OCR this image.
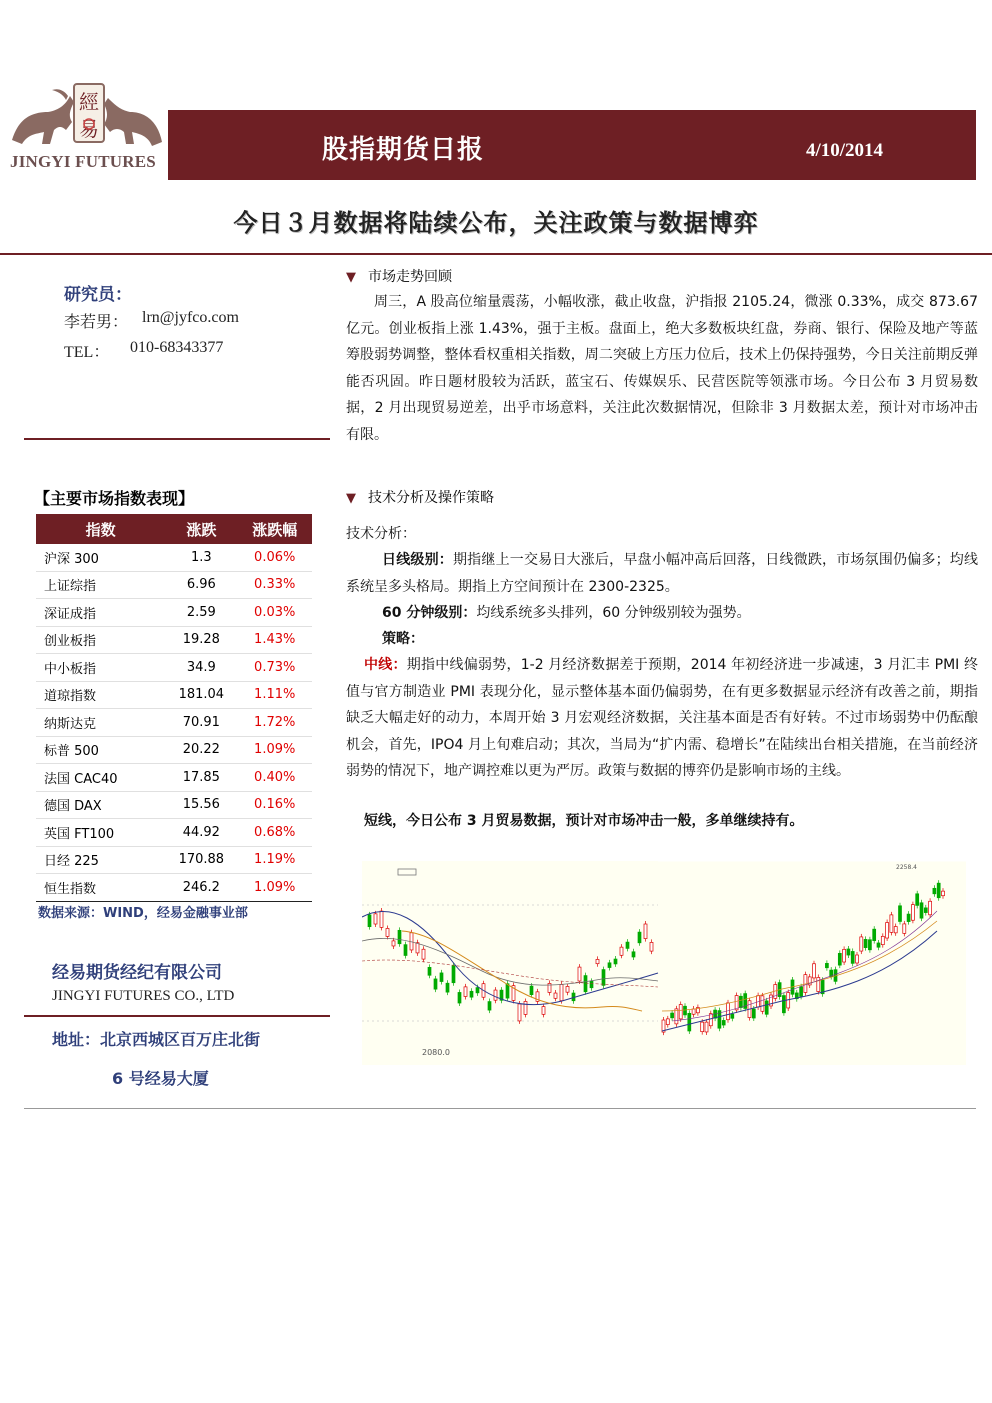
經
易
JINGYI FUTURES	股指期货日报	4/10/2014
今日３月数据将陆续公布，关注政策与数据博弈
研究员：
李若男： lrn@jyfco.com
TEL： 010-68343377
【主要市场指数表现】
指数	涨跌	涨跌幅
沪深 300	1.3	0.06%
上证综指	6.96	0.33%
深证成指	2.59	0.03%
创业板指	19.28	1.43%
中小板指	34.9	0.73%
道琼指数	181.04	1.11%
纳斯达克	70.91	1.72%
标普 500	20.22	1.09%
法国 CAC40	17.85	0.40%
德国 DAX	15.56	0.16%
英国 FT100	44.92	0.68%
日经 225	170.88	1.19%
恒生指数	246.2	1.09%
数据来源：WIND，经易金融事业部
经易期货经纪有限公司
JINGYI FUTURES CO., LTD
地址：北京西城区百万庄北街
6 号经易大厦
▼ 市场走势回顾
周三，A 股高位缩量震荡，小幅收涨，截止收盘，沪指报 2105.24，微涨 0.33%，成交 873.67 亿元。创业板指上涨 1.43%，强于主板。盘面上，绝大多数板块红盘，券商、银行、保险及地产等蓝筹股弱势调整，整体看权重相关指数，周二突破上方压力位后，技术上仍保持强势，今日关注前期反弹能否巩固。昨日题材股较为活跃，蓝宝石、传媒娱乐、民营医院等领涨市场。今日公布 3 月贸易数据，2 月出现贸易逆差，出乎市场意料，关注此次数据情况，但除非 3 月数据太差，预计对市场冲击有限。
▼ 技术分析及操作策略
技术分析：
日线级别：期指继上一交易日大涨后，早盘小幅冲高后回落，日线微跌，市场氛围仍偏多；均线系统呈多头格局。期指上方空间预计在 2300-2325。
60 分钟级别：均线系统多头排列，60 分钟级别较为强势。
策略：
中线：期指中线偏弱势，1-2 月经济数据差于预期，2014 年初经济进一步减速，3 月汇丰 PMI 终值与官方制造业 PMI 表现分化，显示整体基本面仍偏弱势，在有更多数据显示经济有改善之前，期指缺乏大幅走好的动力，本周开始 3 月宏观经济数据，关注基本面是否有好转。不过市场弱势中仍酝酿机会，首先，IPO4 月上旬难启动；其次，当局为“扩内需、稳增长”在陆续出台相关措施，在当前经济弱势的情况下，地产调控难以更为严厉。政策与数据的博弈仍是影响市场的主线。
短线，今日公布 3 月贸易数据，预计对市场冲击一般，多单继续持有。
2080.0
2258.4
